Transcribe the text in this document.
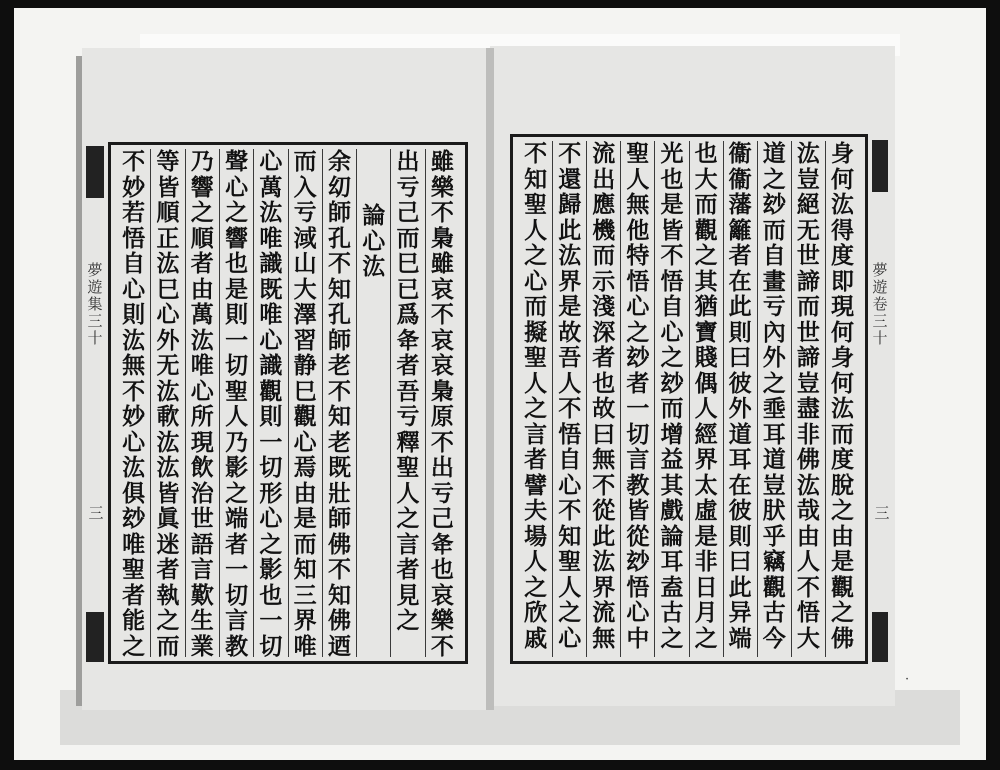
夢
遊
集
三
十
三
夢
遊
卷
三
十
三
雖
樂
不
梟
雖
哀
不
哀
哀
梟
原
不
出
亏
己
夅
也
哀
樂
不
出
亏
己
而
巳
已
爲
夅
者
吾
亏
釋
聖
人
之
言
者
見
之
論
心
汯
余
㓜
師
孔
不
知
孔
師
老
不
知
老
既
壯
師
佛
不
知
佛
迺
而
入
亏
淢
山
大
澤
習
静
巳
觀
心
焉
由
是
而
知
三
界
唯
心
萬
汯
唯
識
既
唯
心
識
觀
則
一
切
形
心
之
影
也
一
切
聲
心
之
響
也
是
則
一
切
聖
人
乃
影
之
端
者
一
切
言
教
乃
響
之
順
者
由
萬
汯
唯
心
所
現
飲
治
世
語
言
歎
生
業
等
皆
順
正
汯
巳
心
外
无
汯
㰱
汯
汯
皆
眞
迷
者
執
之
而
不
妙
若
悟
自
心
則
汯
無
不
妙
心
汯
俱
玅
唯
聖
者
能
之
身
何
汯
得
度
即
現
何
身
何
汯
而
度
脫
之
由
是
觀
之
佛
汯
豈
絕
无
世
諦
而
世
諦
豈
盡
非
佛
汯
哉
由
人
不
悟
大
道
之
玅
而
自
畫
亏
內
外
之
埀
耳
道
豈
肰
乎
竊
觀
古
今
衞
衞
藩
籬
者
在
此
則
曰
彼
外
道
耳
在
彼
則
曰
此
异
端
也
大
而
觀
之
其
猶
寶
賤
偶
人
經
界
太
虛
是
非
日
月
之
光
也
是
皆
不
悟
自
心
之
玅
而
增
益
其
戲
論
耳
盍
古
之
聖
人
無
他
特
悟
心
之
玅
者
一
切
言
教
皆
從
玅
悟
心
中
流
出
應
機
而
示
淺
深
者
也
故
曰
無
不
從
此
汯
界
流
無
不
還
歸
此
汯
界
是
故
吾
人
不
悟
自
心
不
知
聖
人
之
心
不
知
聖
人
之
心
而
擬
聖
人
之
言
者
譬
夫
場
人
之
欣
戚
·
